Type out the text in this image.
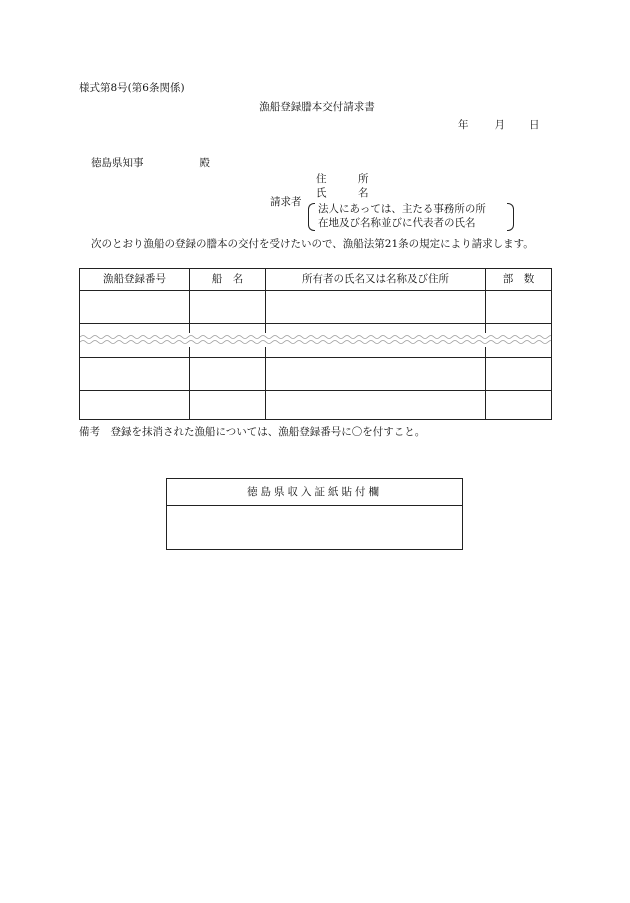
様式第8号(第6条関係)
漁船登録謄本交付請求書
年 月 日
徳島県知事	殿
住　　　所
氏　　　名
請求者
法人にあっては、主たる事務所の所
在地及び名称並びに代表者の氏名
次のとおり漁船の登録の謄本の交付を受けたいので、漁船法第21条の規定により請求します。
漁船登録番号	船　名	所有者の氏名又は名称及び住所	部　数
備考　登録を抹消された漁船については、漁船登録番号に〇を付すこと。
徳島県収入証紙貼付欄
